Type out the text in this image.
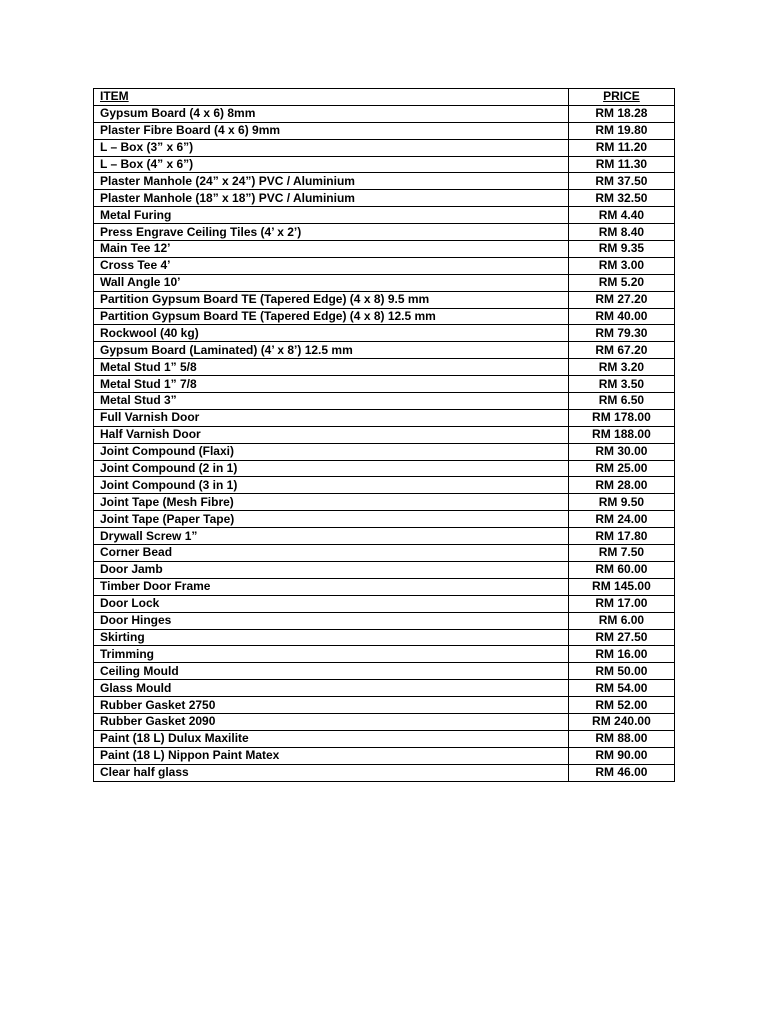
ITEM	PRICE
Gypsum Board (4 x 6) 8mm	RM 18.28
Plaster Fibre Board (4 x 6) 9mm	RM 19.80
L – Box (3” x 6”)	RM 11.20
L – Box (4” x 6”)	RM 11.30
Plaster Manhole (24” x 24”) PVC / Aluminium	RM 37.50
Plaster Manhole (18” x 18”) PVC / Aluminium	RM 32.50
Metal Furing	RM 4.40
Press Engrave Ceiling Tiles (4’ x 2’)	RM 8.40
Main Tee 12’	RM 9.35
Cross Tee 4’	RM 3.00
Wall Angle 10’	RM 5.20
Partition Gypsum Board TE (Tapered Edge) (4 x 8) 9.5 mm	RM 27.20
Partition Gypsum Board TE (Tapered Edge) (4 x 8) 12.5 mm	RM 40.00
Rockwool (40 kg)	RM 79.30
Gypsum Board (Laminated) (4’ x 8’) 12.5 mm	RM 67.20
Metal Stud 1” 5/8	RM 3.20
Metal Stud 1” 7/8	RM 3.50
Metal Stud 3”	RM 6.50
Full Varnish Door	RM 178.00
Half Varnish Door	RM 188.00
Joint Compound (Flaxi)	RM 30.00
Joint Compound (2 in 1)	RM 25.00
Joint Compound (3 in 1)	RM 28.00
Joint Tape (Mesh Fibre)	RM 9.50
Joint Tape (Paper Tape)	RM 24.00
Drywall Screw 1”	RM 17.80
Corner Bead	RM 7.50
Door Jamb	RM 60.00
Timber Door Frame	RM 145.00
Door Lock	RM 17.00
Door Hinges	RM 6.00
Skirting	RM 27.50
Trimming	RM 16.00
Ceiling Mould	RM 50.00
Glass Mould	RM 54.00
Rubber Gasket 2750	RM 52.00
Rubber Gasket 2090	RM 240.00
Paint (18 L) Dulux Maxilite	RM 88.00
Paint (18 L) Nippon Paint Matex	RM 90.00
Clear half glass	RM 46.00
